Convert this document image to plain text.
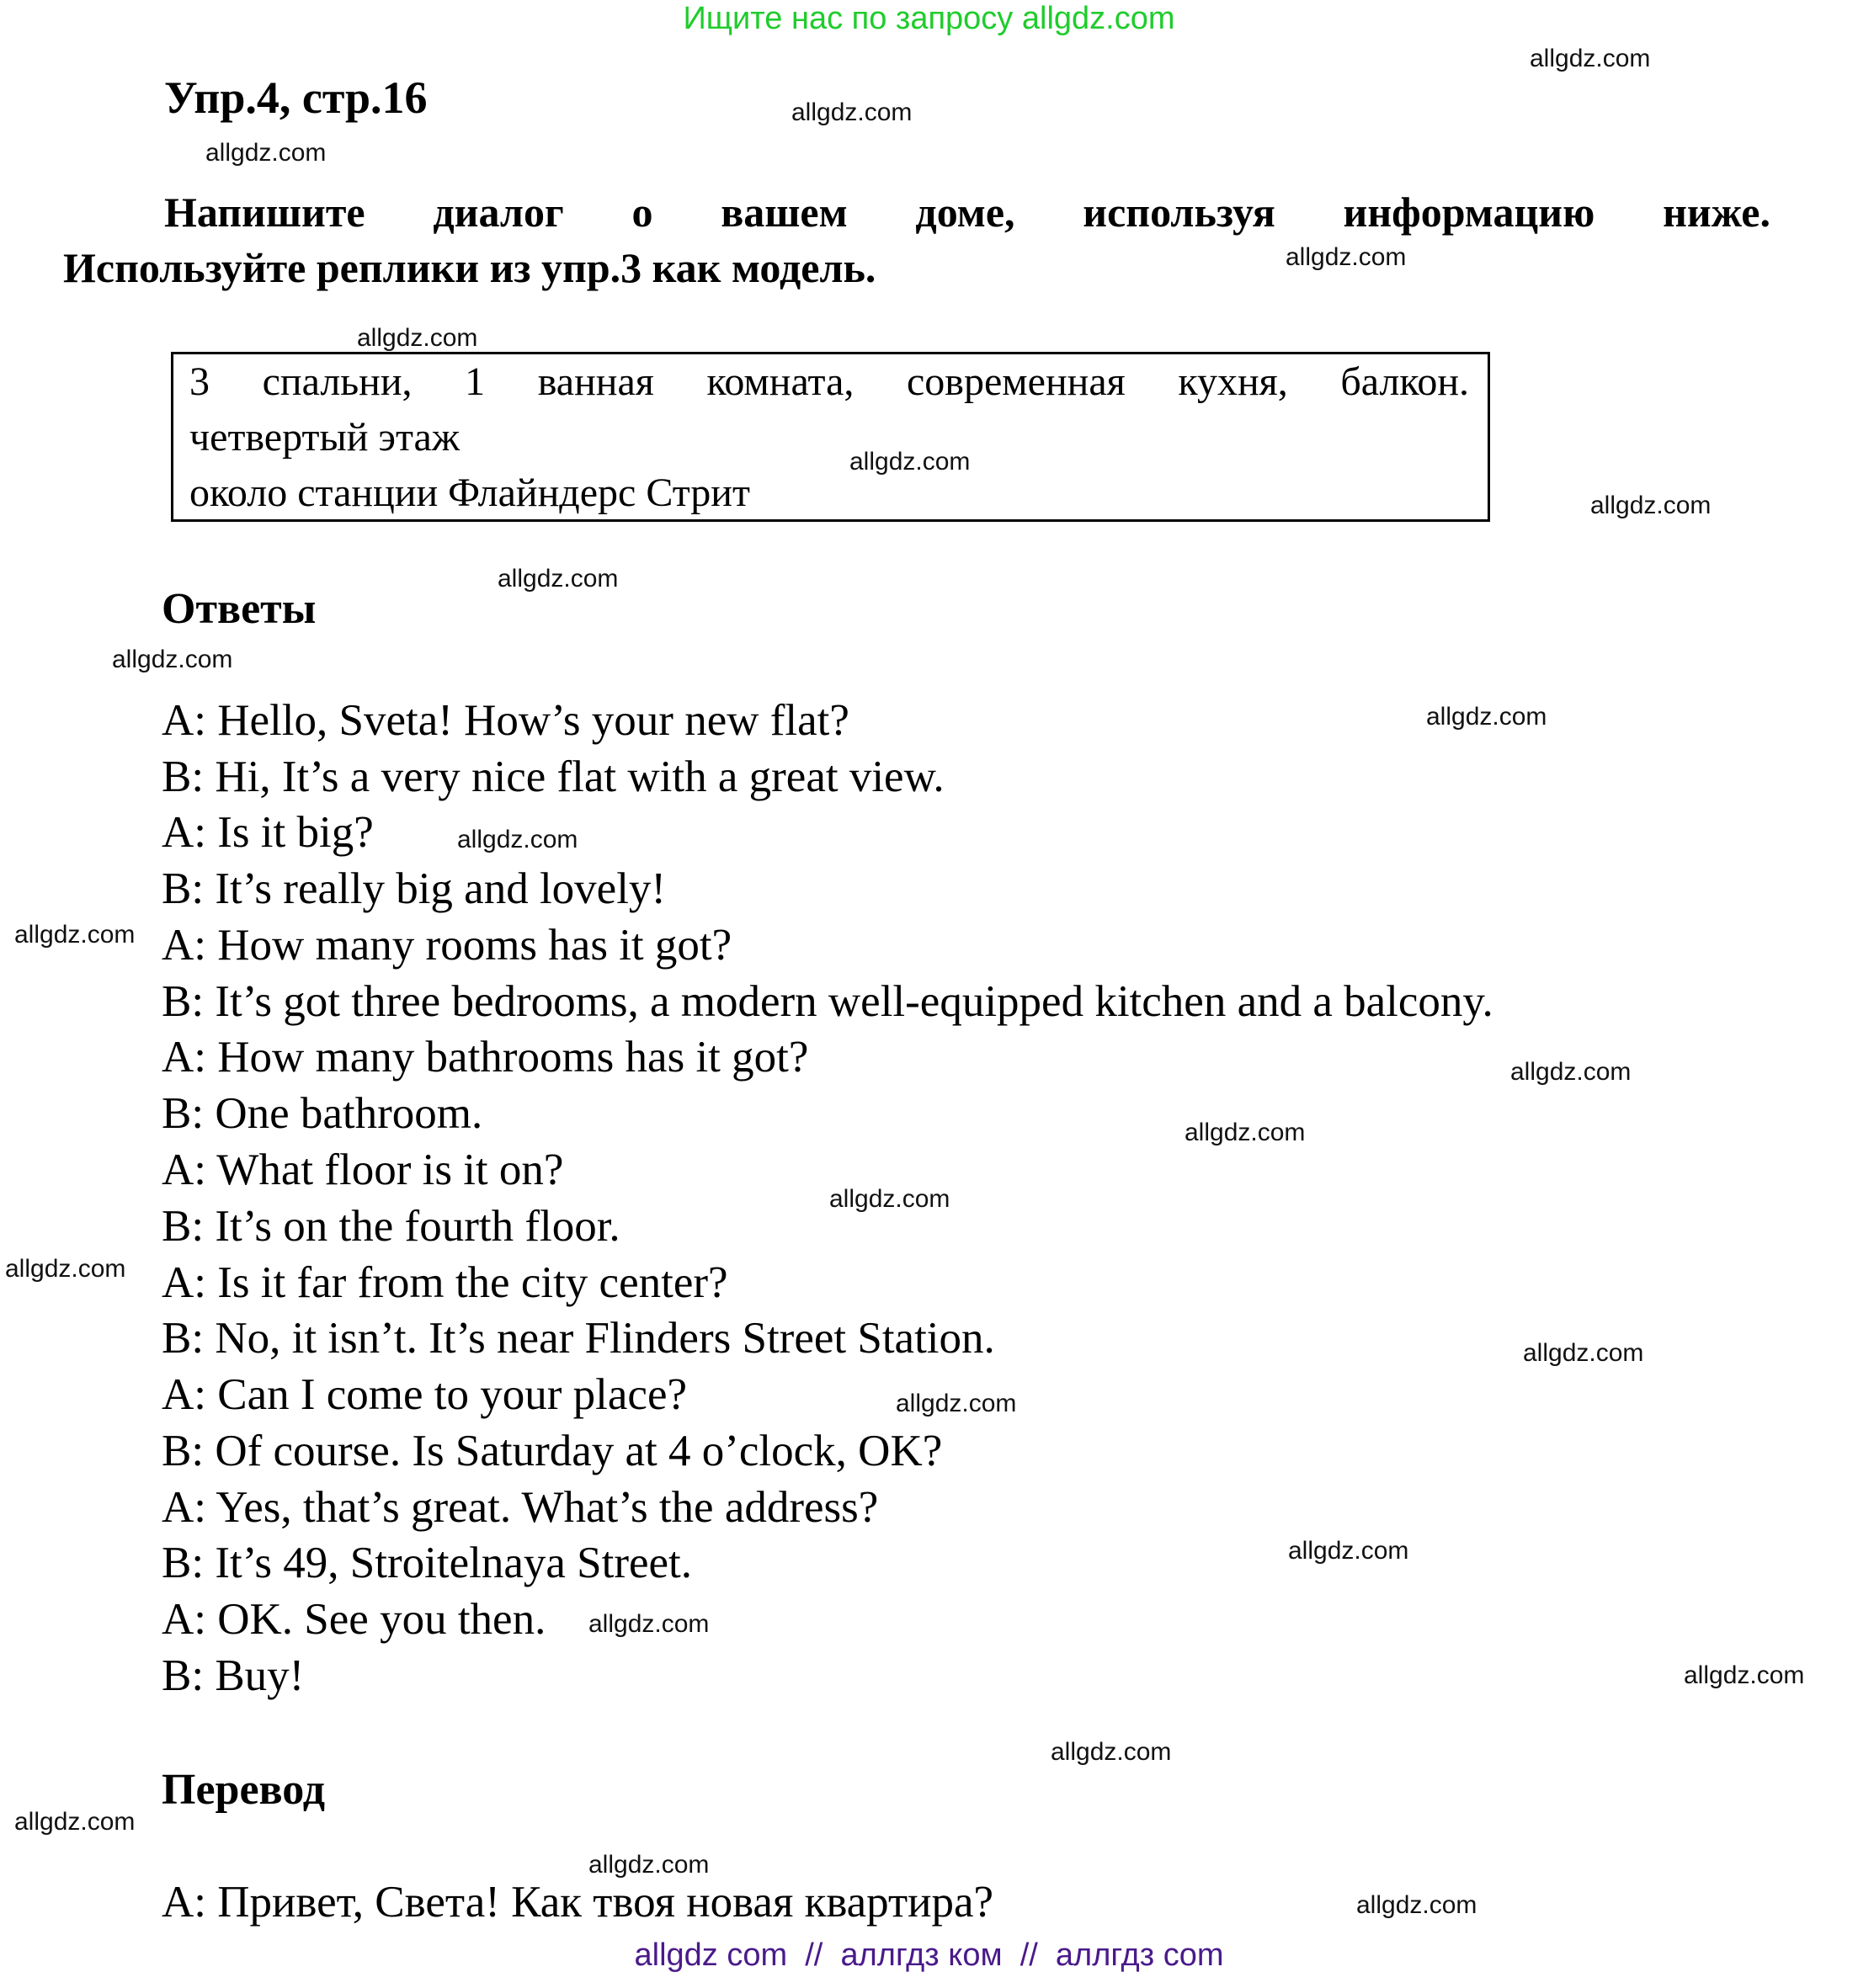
Ищите нас по запросу allgdz.com
Упр.4, стр.16
Напишите диалог о вашем доме, используя информацию ниже.
Используйте реплики из упр.3 как модель.
3 спальни, 1 ванная комната, современная кухня, балкон.
четвертый этаж
около станции Флайндерс Стрит
Ответы
A: Hello, Sveta! How’s your new flat?
B: Hi, It’s a very nice flat with a great view.
A: Is it big?
B: It’s really big and lovely!
A: How many rooms has it got?
B: It’s got three bedrooms, a modern well-equipped kitchen and a balcony.
A: How many bathrooms has it got?
B: One bathroom.
A: What floor is it on?
B: It’s on the fourth floor.
A: Is it far from the city center?
B: No, it isn’t. It’s near Flinders Street Station.
A: Can I come to your place?
B: Of course. Is Saturday at 4 o’clock, OK?
A: Yes, that’s great. What’s the address?
B: It’s 49, Stroitelnaya Street.
A: OK. See you then.
B: Buy!
Перевод
A: Привет, Света! Как твоя новая квартира?
allgdz.com
allgdz.com
allgdz.com
allgdz.com
allgdz.com
allgdz.com
allgdz.com
allgdz.com
allgdz.com
allgdz.com
allgdz.com
allgdz.com
allgdz.com
allgdz.com
allgdz.com
allgdz.com
allgdz.com
allgdz.com
allgdz.com
allgdz.com
allgdz.com
allgdz.com
allgdz.com
allgdz.com
allgdz.com
allgdz com  //  аллгдз ком  //  аллгдз com
